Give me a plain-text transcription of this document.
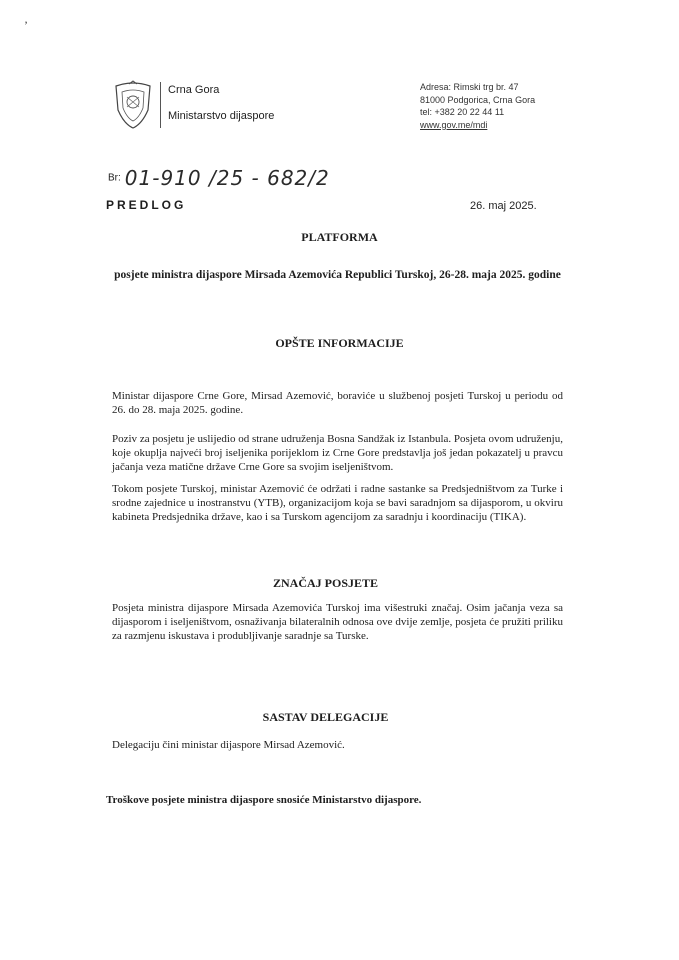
’
Crna Gora
Ministarstvo dijaspore
Adresa: Rimski trg br. 47
81000 Podgorica, Crna Gora
tel: +382 20 22 44 11
www.gov.me/mdi
Br: 01-910 /25 - 682/2
PREDLOG	26. maj 2025.
PLATFORMA
posjete ministra dijaspore Mirsada Azemovića Republici Turskoj, 26-28. maja 2025. godine
OPŠTE INFORMACIJE
Ministar dijaspore Crne Gore, Mirsad Azemović, boraviće u službenoj posjeti Turskoj u periodu od 26. do 28. maja 2025. godine.
Poziv za posjetu je uslijedio od strane udruženja Bosna Sandžak iz Istanbula. Posjeta ovom udruženju, koje okuplja najveći broj iseljenika porijeklom iz Crne Gore predstavlja još jedan pokazatelj u pravcu jačanja veza matične države Crne Gore sa svojim iseljeništvom.
Tokom posjete Turskoj, ministar Azemović će održati i radne sastanke sa Predsjedništvom za Turke i srodne zajednice u inostranstvu (YTB), organizacijom koja se bavi saradnjom sa dijasporom, u okviru kabineta Predsjednika države, kao i sa Turskom agencijom za saradnju i koordinaciju (TIKA).
ZNAČAJ POSJETE
Posjeta ministra dijaspore Mirsada Azemovića Turskoj ima višestruki značaj. Osim jačanja veza sa dijasporom i iseljeništvom, osnaživanja bilateralnih odnosa ove dvije zemlje, posjeta će pružiti priliku za razmjenu iskustava i produbljivanje saradnje sa Turske.
SASTAV DELEGACIJE
Delegaciju čini ministar dijaspore Mirsad Azemović.
Troškove posjete ministra dijaspore snosiće Ministarstvo dijaspore.
